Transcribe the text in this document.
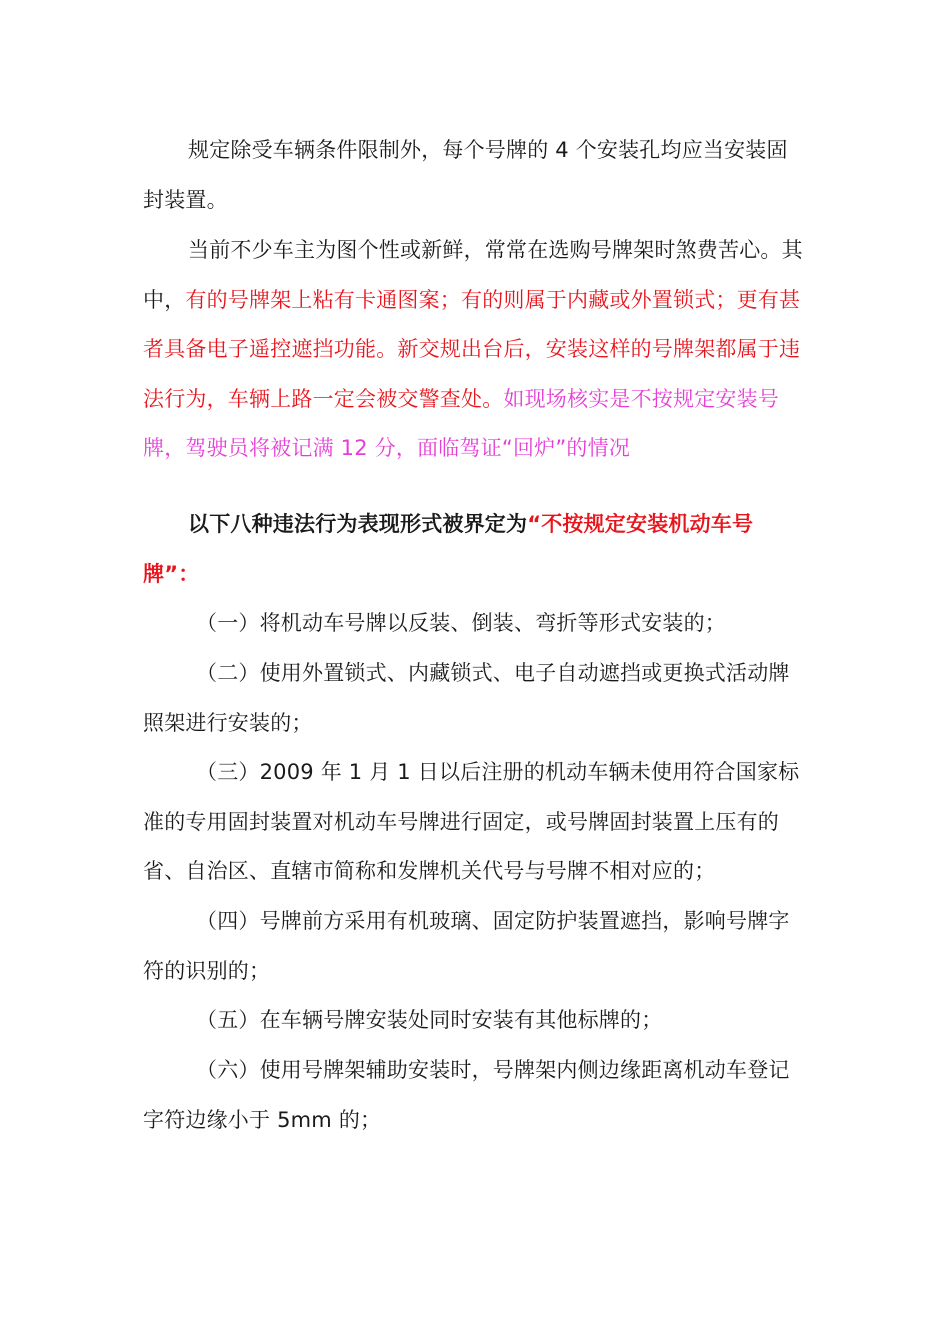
规定除受车辆条件限制外，每个号牌的 4 个安装孔均应当安装固封装置。

当前不少车主为图个性或新鲜，常常在选购号牌架时煞费苦心。其中，有的号牌架上粘有卡通图案；有的则属于内藏或外置锁式；更有甚者具备电子遥控遮挡功能。新交规出台后，安装这样的号牌架都属于违法行为，车辆上路一定会被交警查处。如现场核实是不按规定安装号牌，驾驶员将被记满 12 分，面临驾证“回炉”的情况

以下八种违法行为表现形式被界定为“不按规定安装机动车号牌”：

（一）将机动车号牌以反装、倒装、弯折等形式安装的；

（二）使用外置锁式、内藏锁式、电子自动遮挡或更换式活动牌照架进行安装的；

（三）2009 年 1 月 1 日以后注册的机动车辆未使用符合国家标准的专用固封装置对机动车号牌进行固定，或号牌固封装置上压有的省、自治区、直辖市简称和发牌机关代号与号牌不相对应的；

（四）号牌前方采用有机玻璃、固定防护装置遮挡，影响号牌字符的识别的；

（五）在车辆号牌安装处同时安装有其他标牌的；

（六）使用号牌架辅助安装时，号牌架内侧边缘距离机动车登记字符边缘小于 5mm 的；
